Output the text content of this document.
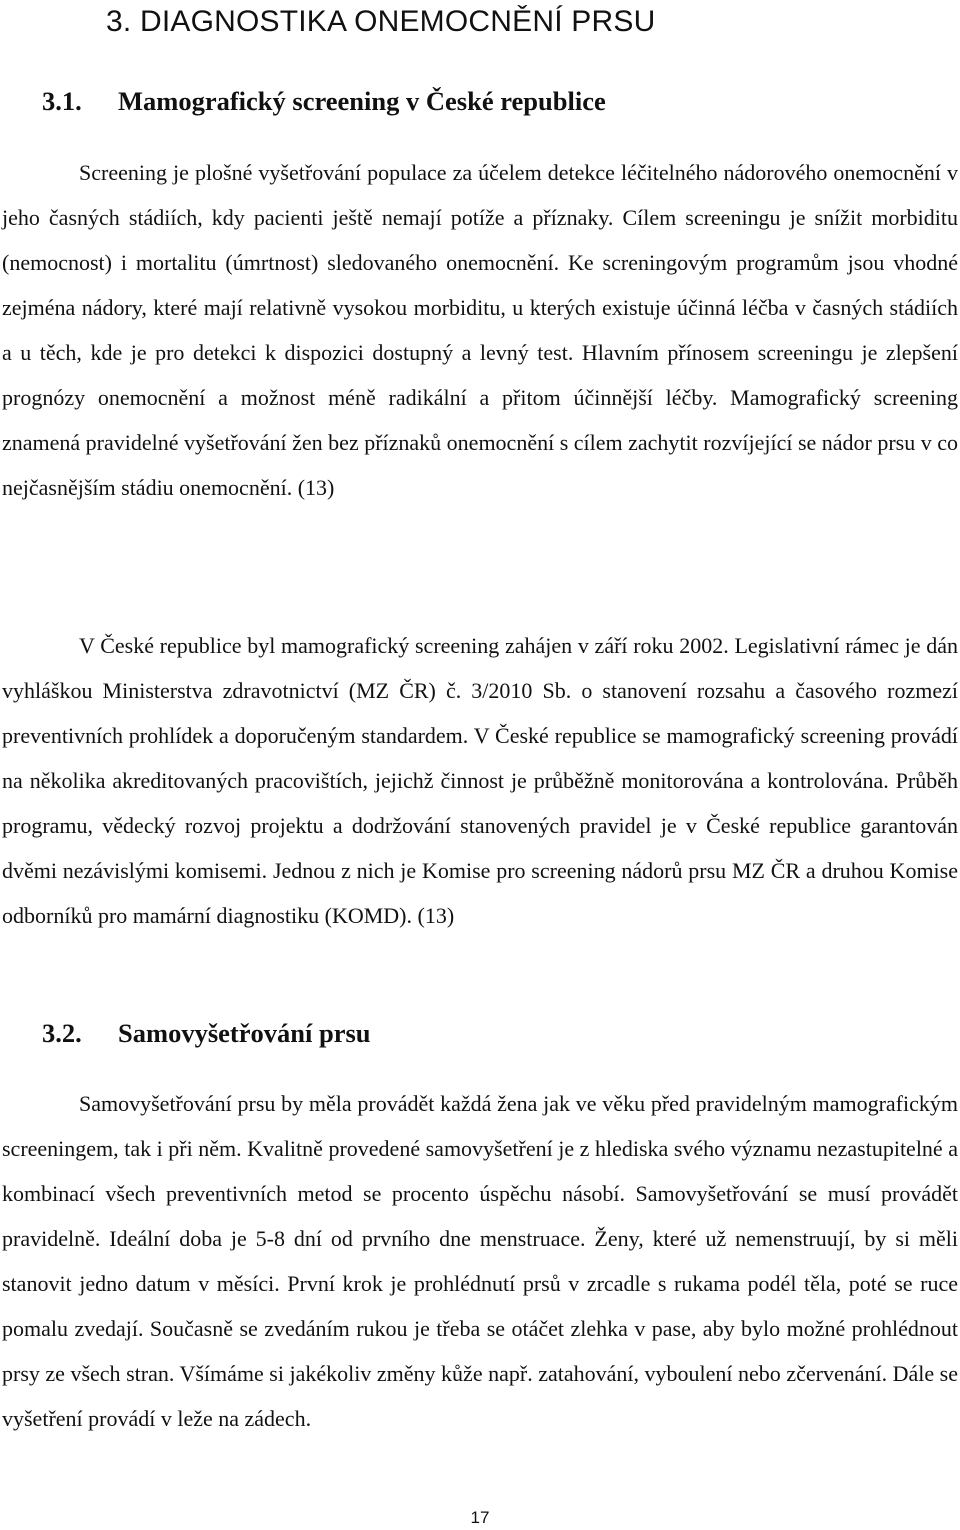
3. DIAGNOSTIKA ONEMOCNĚNÍ PRSU
3.1. Mamografický screening v České republice

Screening je plošné vyšetřování populace za účelem detekce léčitelného nádorového onemocnění v jeho časných stádiích, kdy pacienti ještě nemají potíže a příznaky. Cílem screeningu je snížit morbiditu (nemocnost) i mortalitu (úmrtnost) sledovaného onemocnění. Ke screningovým programům jsou vhodné zejména nádory, které mají relativně vysokou morbiditu, u kterých existuje účinná léčba v časných stádiích a u těch, kde je pro detekci k dispozici dostupný a levný test. Hlavním přínosem screeningu je zlepšení prognózy onemocnění a možnost méně radikální a přitom účinnější léčby. Mamografický screening znamená pravidelné vyšetřování žen bez příznaků onemocnění s cílem zachytit rozvíjející se nádor prsu v co nejčasnějším stádiu onemocnění. (13)

V České republice byl mamografický screening zahájen v září roku 2002. Legislativní rámec je dán vyhláškou Ministerstva zdravotnictví (MZ ČR) č. 3/2010 Sb. o stanovení rozsahu a časového rozmezí preventivních prohlídek a doporučeným standardem. V České republice se mamografický screening provádí na několika akreditovaných pracovištích, jejichž činnost je průběžně monitorována a kontrolována. Průběh programu, vědecký rozvoj projektu a dodržování stanovených pravidel je v České republice garantován dvěmi nezávislými komisemi. Jednou z nich je Komise pro screening nádorů prsu MZ ČR a druhou Komise odborníků pro mamární diagnostiku (KOMD). (13)

3.2. Samovyšetřování prsu

Samovyšetřování prsu by měla provádět každá žena jak ve věku před pravidelným mamografickým screeningem, tak i při něm. Kvalitně provedené samovyšetření je z hlediska svého významu nezastupitelné a kombinací všech preventivních metod se procento úspěchu násobí. Samovyšetřování se musí provádět pravidelně. Ideální doba je 5-8 dní od prvního dne menstruace. Ženy, které už nemenstruují, by si měli stanovit jedno datum v měsíci. První krok je prohlédnutí prsů v zrcadle s rukama podél těla, poté se ruce pomalu zvedají. Současně se zvedáním rukou je třeba se otáčet zlehka v pase, aby bylo možné prohlédnout prsy ze všech stran. Všímáme si jakékoliv změny kůže např. zatahování, vyboulení nebo zčervenání. Dále se vyšetření provádí v leže na zádech.

17
